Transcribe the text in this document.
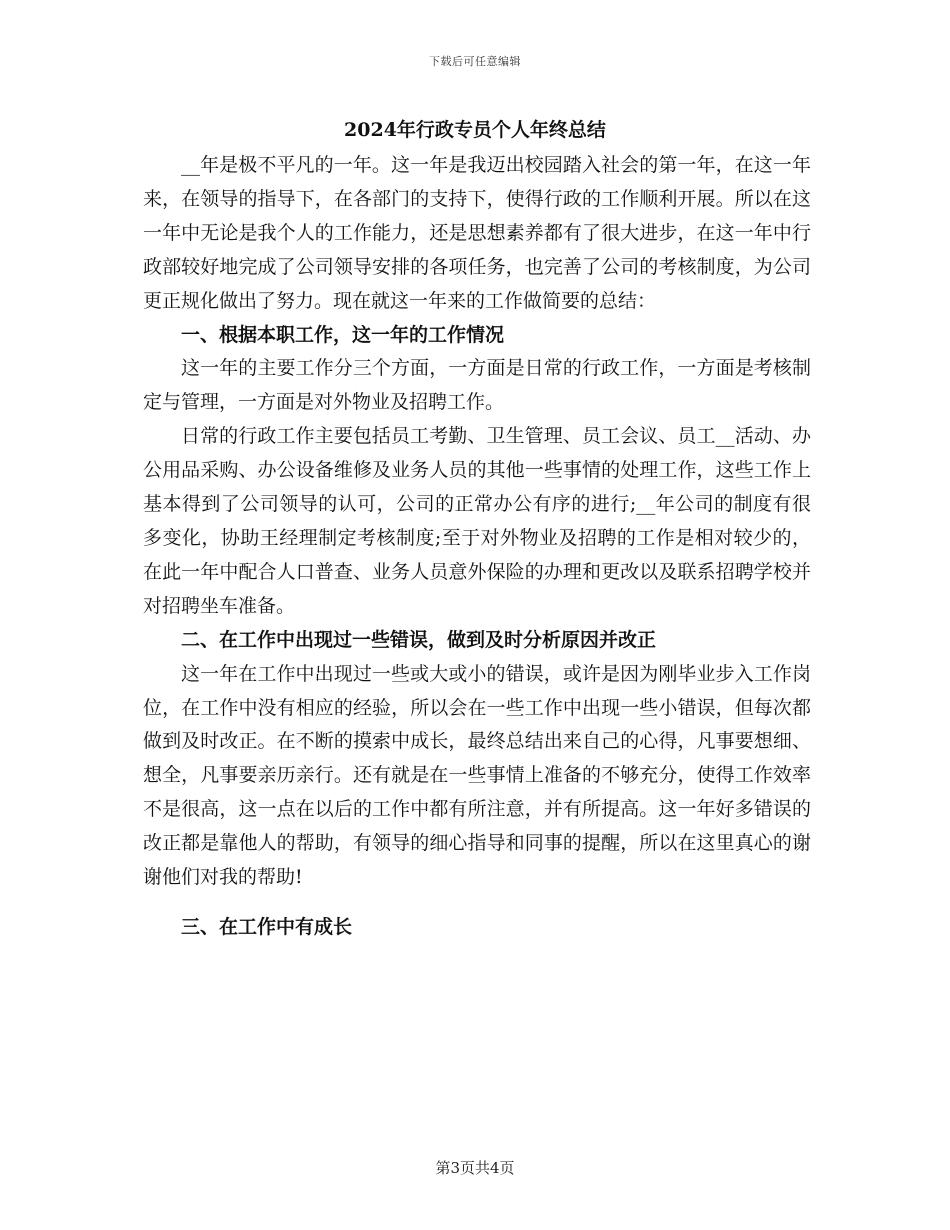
下载后可任意编辑
2024年行政专员个人年终总结

__年是极不平凡的一年。这一年是我迈出校园踏入社会的第一年，在这一年来，在领导的指导下，在各部门的支持下，使得行政的工作顺利开展。所以在这一年中无论是我个人的工作能力，还是思想素养都有了很大进步，在这一年中行政部较好地完成了公司领导安排的各项任务，也完善了公司的考核制度，为公司更正规化做出了努力。现在就这一年来的工作做简要的总结：

一、根据本职工作，这一年的工作情况

这一年的主要工作分三个方面，一方面是日常的行政工作，一方面是考核制定与管理，一方面是对外物业及招聘工作。

日常的行政工作主要包括员工考勤、卫生管理、员工会议、员工__活动、办公用品采购、办公设备维修及业务人员的其他一些事情的处理工作，这些工作上基本得到了公司领导的认可，公司的正常办公有序的进行;__年公司的制度有很多变化，协助王经理制定考核制度;至于对外物业及招聘的工作是相对较少的，在此一年中配合人口普查、业务人员意外保险的办理和更改以及联系招聘学校并对招聘坐车准备。

二、在工作中出现过一些错误，做到及时分析原因并改正

这一年在工作中出现过一些或大或小的错误，或许是因为刚毕业步入工作岗位，在工作中没有相应的经验，所以会在一些工作中出现一些小错误，但每次都做到及时改正。在不断的摸索中成长，最终总结出来自己的心得，凡事要想细、想全，凡事要亲历亲行。还有就是在一些事情上准备的不够充分，使得工作效率不是很高，这一点在以后的工作中都有所注意，并有所提高。这一年好多错误的改正都是靠他人的帮助，有领导的细心指导和同事的提醒，所以在这里真心的谢谢他们对我的帮助!

三、在工作中有成长

第3页共4页
